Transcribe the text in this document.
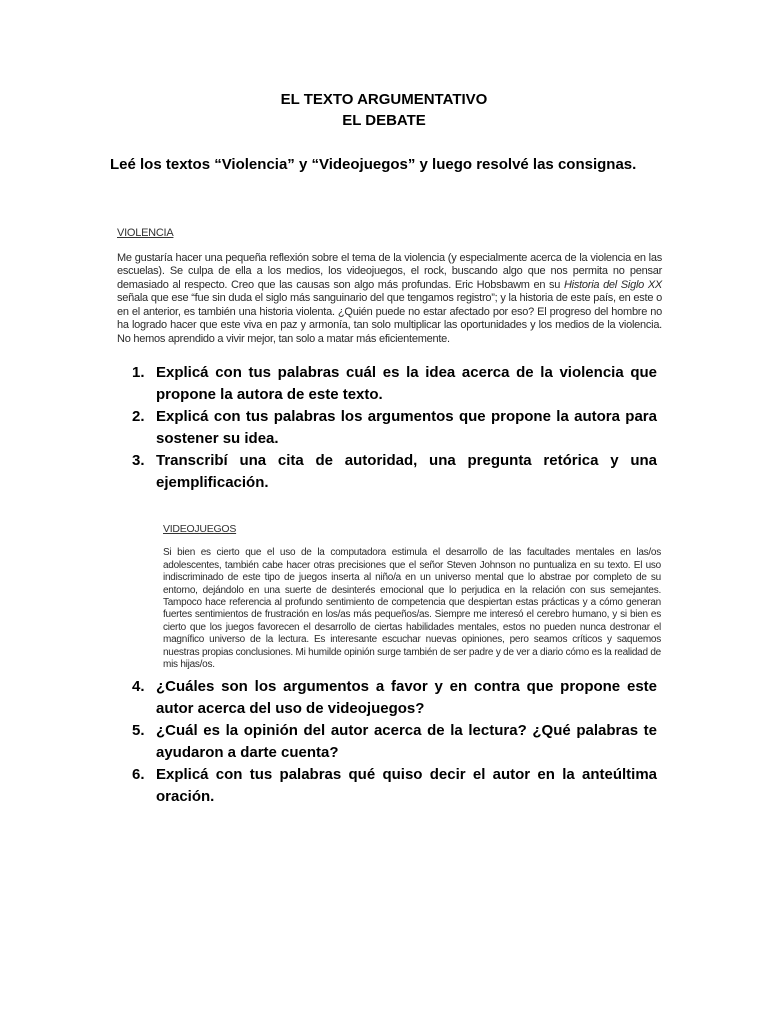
EL TEXTO ARGUMENTATIVO
EL DEBATE

Leé los textos “Violencia” y “Videojuegos” y luego resolvé las consignas.

VIOLENCIA

Me gustaría hacer una pequeña reflexión sobre el tema de la violencia (y especialmente acerca de la violencia en las escuelas). Se culpa de ella a los medios, los videojuegos, el rock, buscando algo que nos permita no pensar demasiado al respecto. Creo que las causas son algo más profundas. Eric Hobsbawm en su Historia del Siglo XX señala que ese “fue sin duda el siglo más sanguinario del que tengamos registro”; y la historia de este país, en este o en el anterior, es también una historia violenta. ¿Quién puede no estar afectado por eso? El progreso del hombre no ha logrado hacer que este viva en paz y armonía, tan solo multiplicar las oportunidades y los medios de la violencia. No hemos aprendido a vivir mejor, tan solo a matar más eficientemente.

1. Explicá con tus palabras cuál es la idea acerca de la violencia que propone la autora de este texto.
2. Explicá con tus palabras los argumentos que propone la autora para sostener su idea.
3. Transcribí una cita de autoridad, una pregunta retórica y una ejemplificación.
VIDEOJUEGOS

Si bien es cierto que el uso de la computadora estimula el desarrollo de las facultades mentales en las/os adolescentes, también cabe hacer otras precisiones que el señor Steven Johnson no puntualiza en su texto. El uso indiscriminado de este tipo de juegos inserta al niño/a en un universo mental que lo abstrae por completo de su entorno, dejándolo en una suerte de desinterés emocional que lo perjudica en la relación con sus semejantes. Tampoco hace referencia al profundo sentimiento de competencia que despiertan estas prácticas y a cómo generan fuertes sentimientos de frustración en los/as más pequeños/as. Siempre me interesó el cerebro humano, y si bien es cierto que los juegos favorecen el desarrollo de ciertas habilidades mentales, estos no pueden nunca destronar el magnífico universo de la lectura. Es interesante escuchar nuevas opiniones, pero seamos críticos y saquemos nuestras propias conclusiones. Mi humilde opinión surge también de ser padre y de ver a diario cómo es la realidad de mis hijas/os.

4. ¿Cuáles son los argumentos a favor y en contra que propone este autor acerca del uso de videojuegos?
5. ¿Cuál es la opinión del autor acerca de la lectura? ¿Qué palabras te ayudaron a darte cuenta?
6. Explicá con tus palabras qué quiso decir el autor en la anteúltima oración.
